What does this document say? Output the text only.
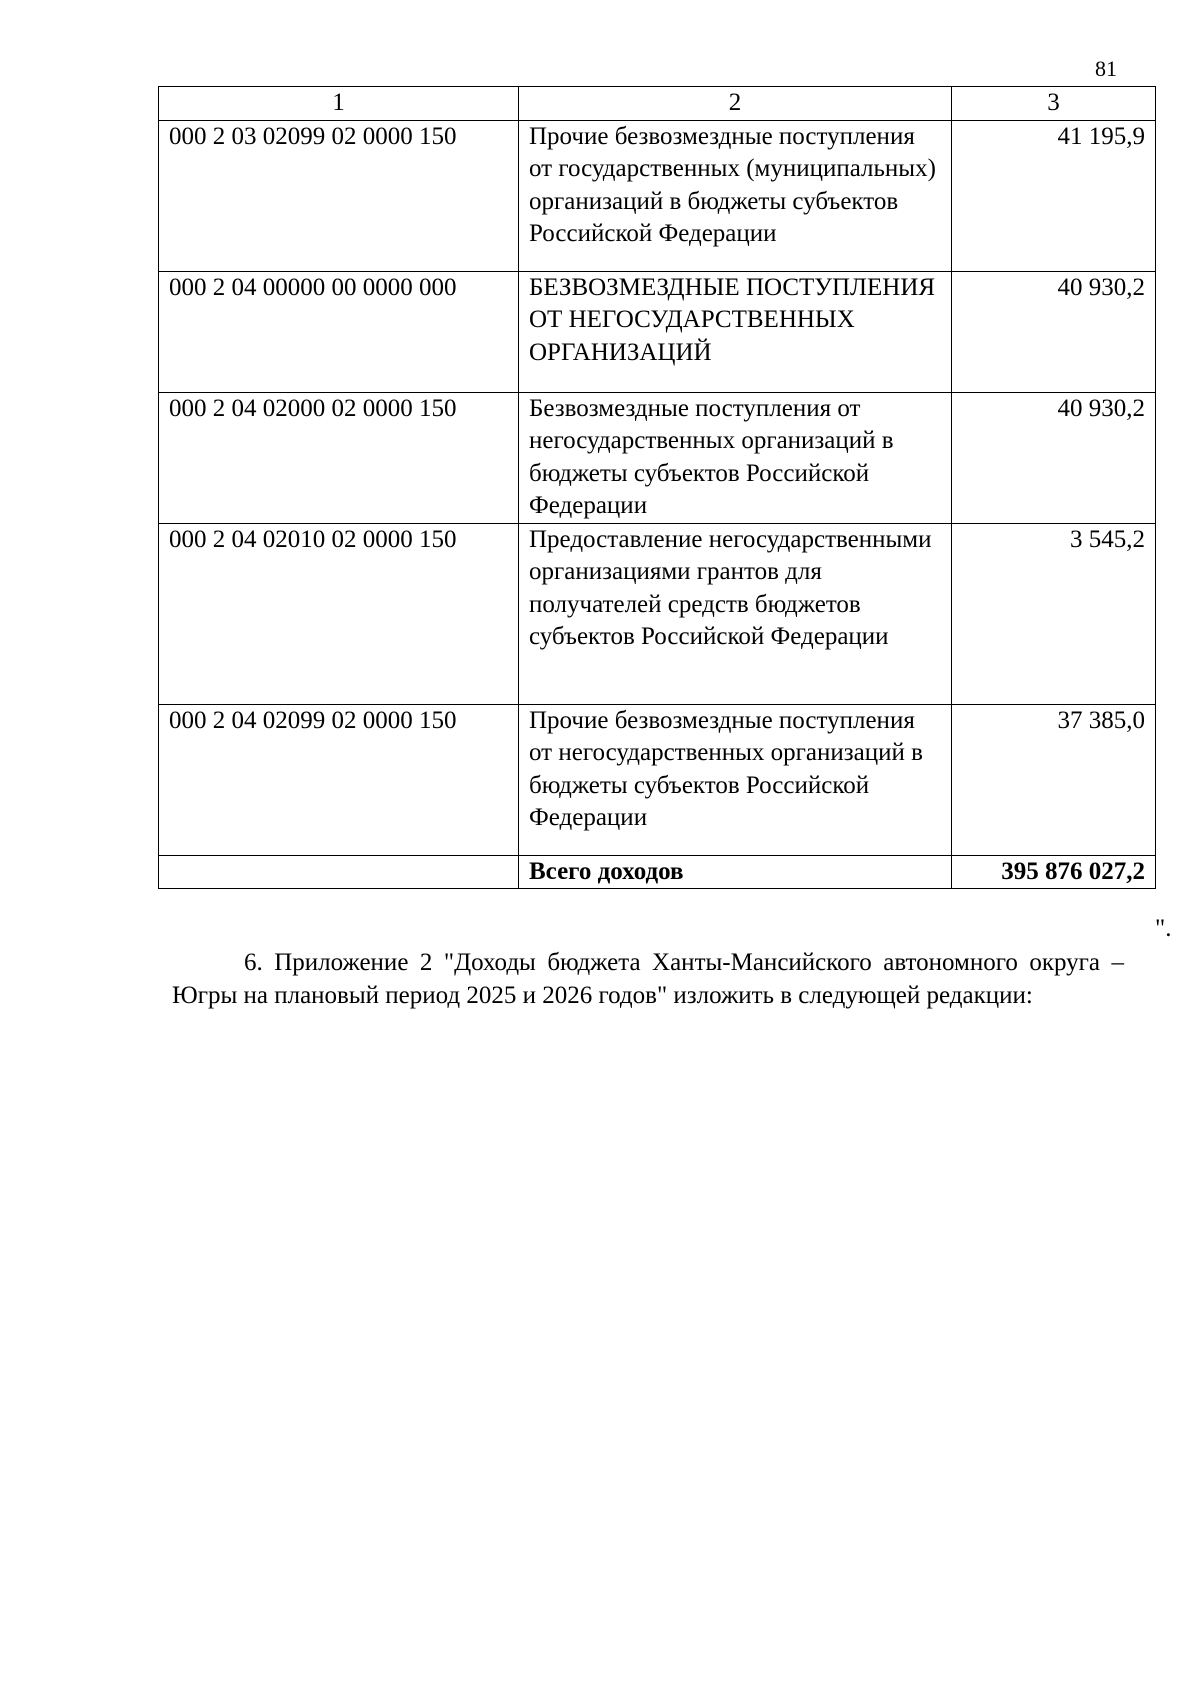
81
1	2	3
000 2 03 02099 02 0000 150	Прочие безвозмездные поступления от государственных (муниципальных) организаций в бюджеты субъектов Российской Федерации	41 195,9
000 2 04 00000 00 0000 000	БЕЗВОЗМЕЗДНЫЕ ПОСТУПЛЕНИЯ ОТ НЕГОСУДАРСТВЕННЫХ ОРГАНИЗАЦИЙ	40 930,2
000 2 04 02000 02 0000 150	Безвозмездные поступления от негосударственных организаций в бюджеты субъектов Российской Федерации	40 930,2
000 2 04 02010 02 0000 150	Предоставление негосударственными организациями грантов для получателей средств бюджетов субъектов Российской Федерации	3 545,2
000 2 04 02099 02 0000 150	Прочие безвозмездные поступления от негосударственных организаций в бюджеты субъектов Российской Федерации	37 385,0
	Всего доходов	395 876 027,2
".

6. Приложение 2 "Доходы бюджета Ханты-Мансийского автономного округа – Югры на плановый период 2025 и 2026 годов" изложить в следующей редакции:
